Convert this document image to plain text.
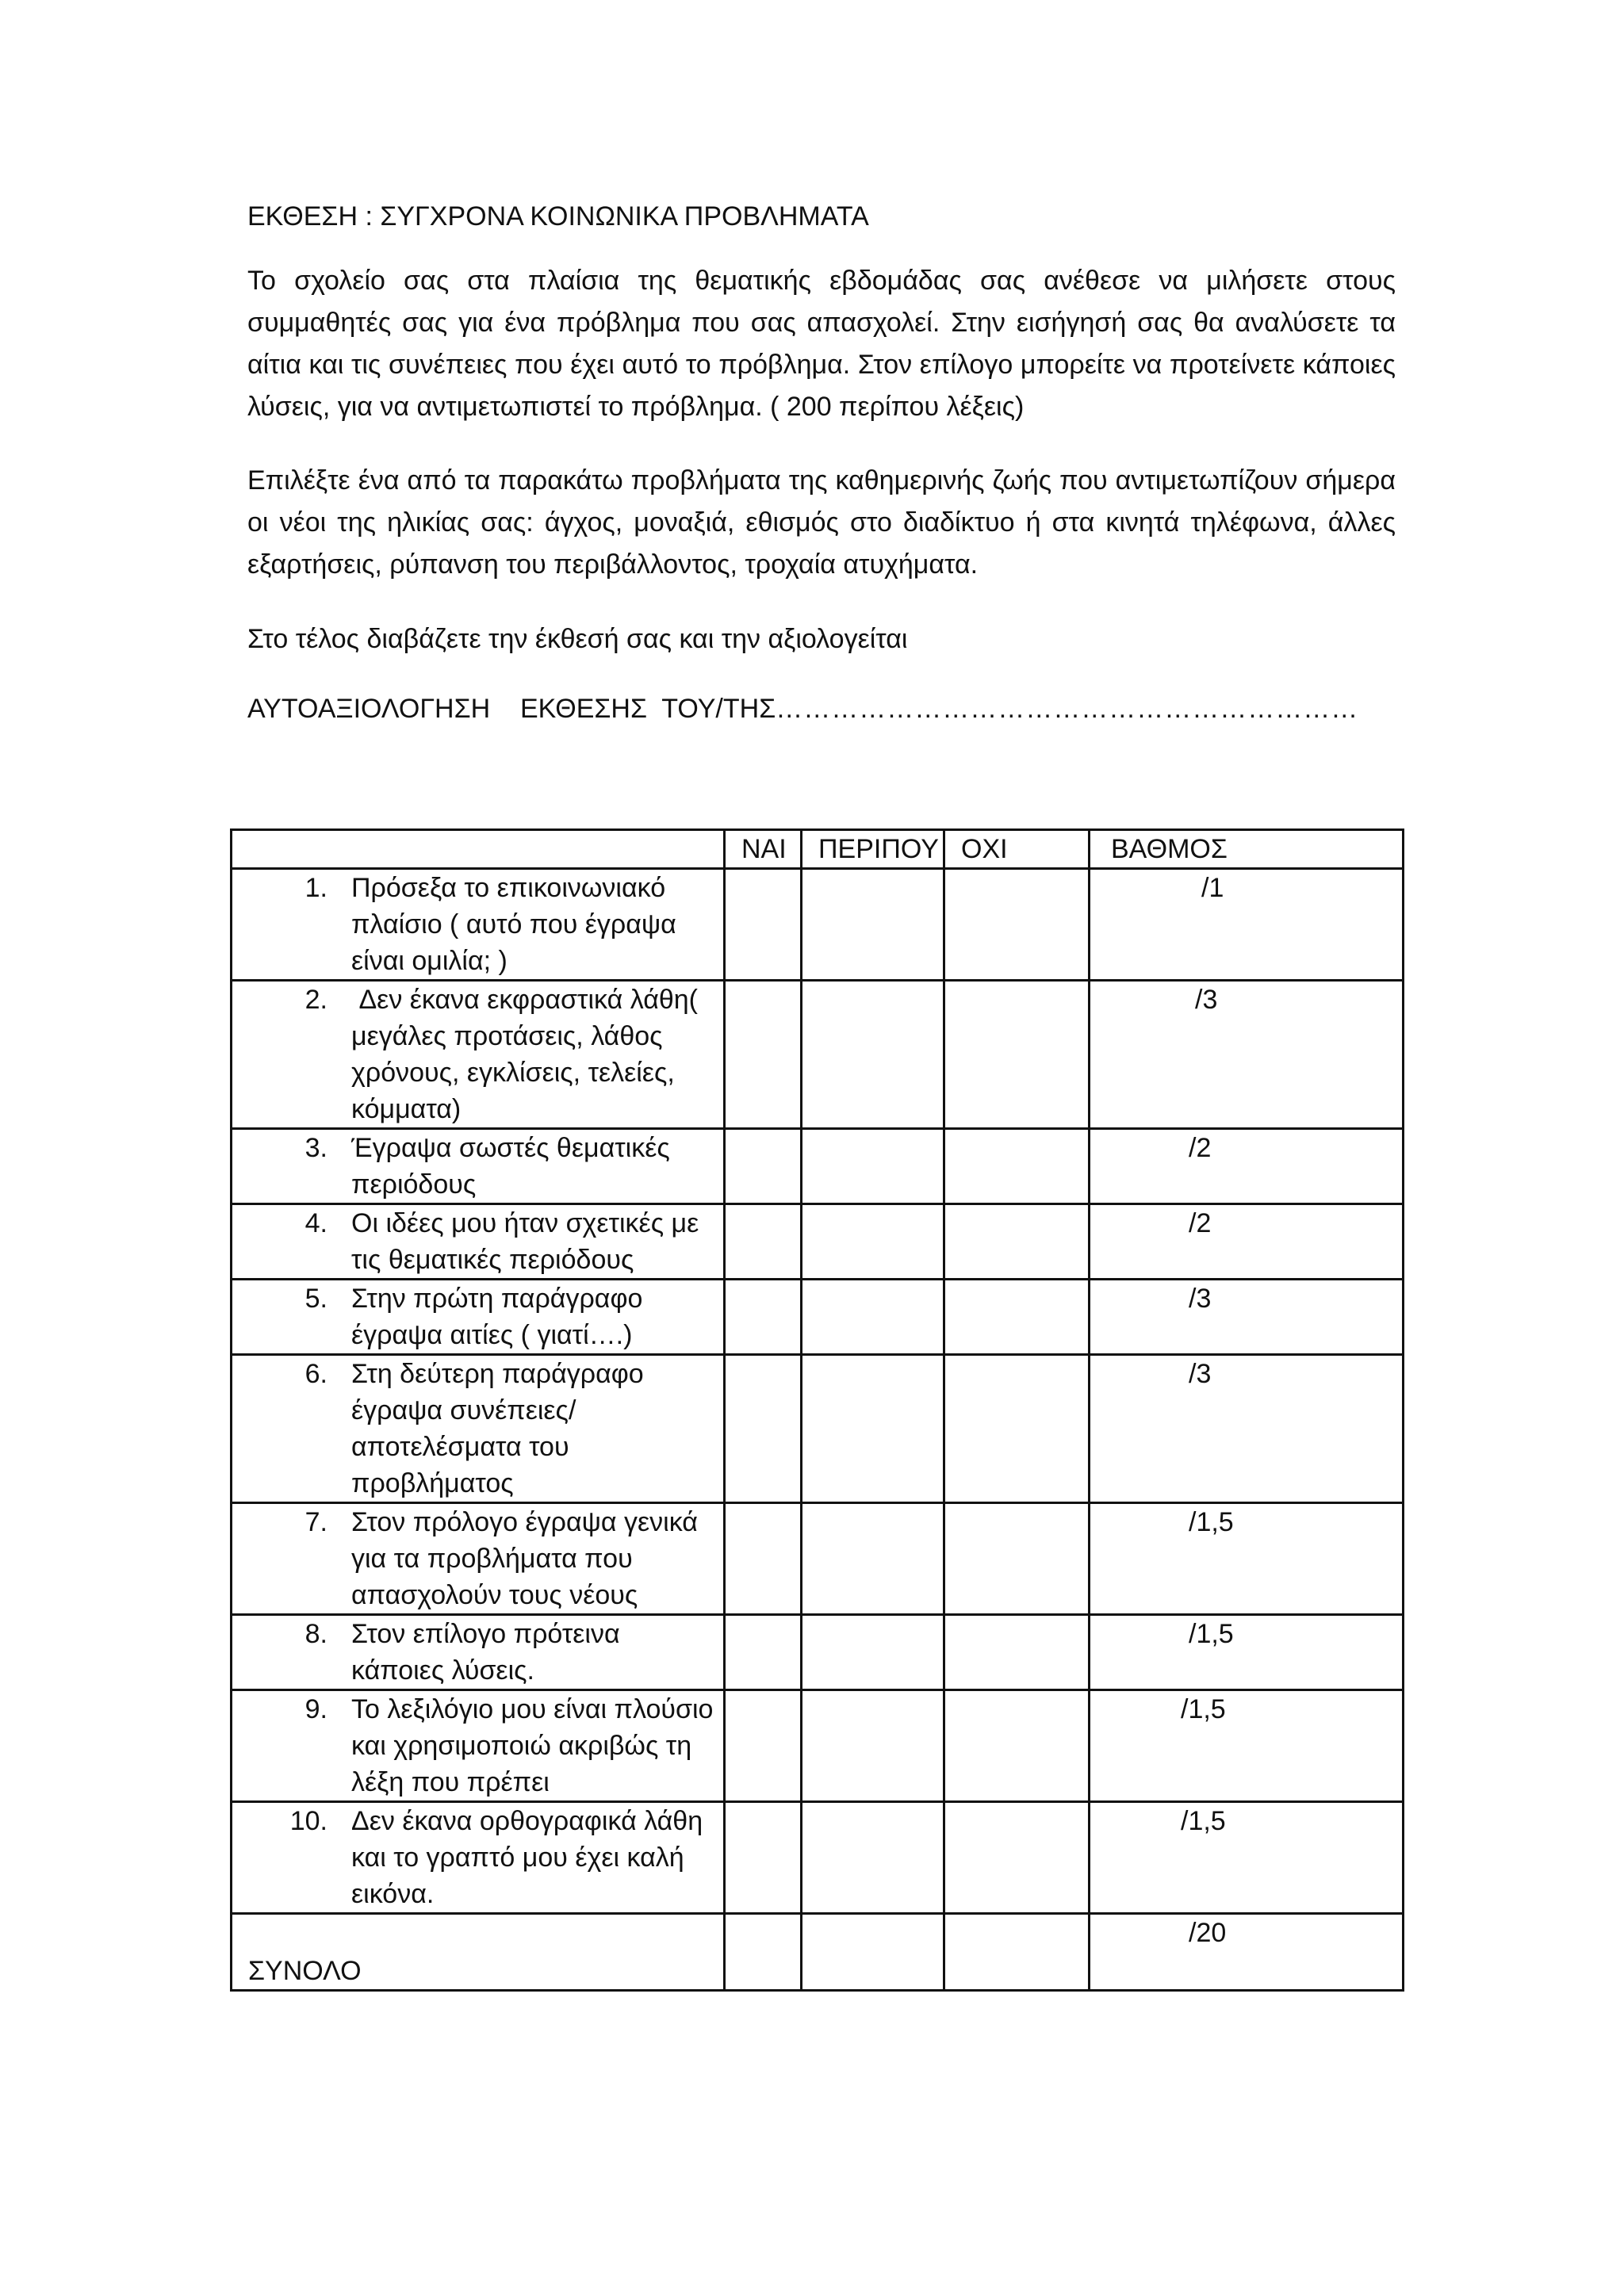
ΕΚΘΕΣΗ : ΣΥΓΧΡΟΝΑ ΚΟΙΝΩΝΙΚΑ ΠΡΟΒΛΗΜΑΤΑ
Το σχολείο σας στα πλαίσια της θεματικής εβδομάδας σας ανέθεσε να μιλήσετε στους συμμαθητές σας για ένα πρόβλημα που σας απασχολεί. Στην εισήγησή σας θα αναλύσετε τα αίτια και τις συνέπειες που έχει αυτό το πρόβλημα. Στον επίλογο μπορείτε να προτείνετε κάποιες λύσεις, για να αντιμετωπιστεί το πρόβλημα. ( 200 περίπου λέξεις)
Επιλέξτε ένα από τα παρακάτω προβλήματα της καθημερινής ζωής που αντιμετωπίζουν σήμερα οι νέοι της ηλικίας σας: άγχος, μοναξιά, εθισμός στο διαδίκτυο ή στα κινητά τηλέφωνα, άλλες εξαρτήσεις, ρύπανση του περιβάλλοντος, τροχαία ατυχήματα.
Στο τέλος διαβάζετε την έκθεσή σας και την αξιολογείται
ΑΥΤΟΑΞΙΟΛΟΓΗΣΗ    ΕΚΘΕΣΗΣ  ΤΟΥ/ΤΗΣ………………………………………………………
	ΝΑΙ	ΠΕΡΙΠΟΥ	ΟΧΙ	ΒΑΘΜΟΣ

1. Πρόσεξα το επικοινωνιακό πλαίσιο ( αυτό που έγραψα είναι ομιλία; )				/1

2. Δεν έκανα εκφραστικά λάθη( μεγάλες προτάσεις, λάθος χρόνους, εγκλίσεις, τελείες, κόμματα)				/3

3. Έγραψα σωστές θεματικές περιόδους				/2

4. Οι ιδέες μου ήταν σχετικές με τις θεματικές περιόδους				/2

5. Στην πρώτη παράγραφο έγραψα αιτίες ( γιατί….)				/3

6. Στη δεύτερη παράγραφο έγραψα συνέπειες/ αποτελέσματα του προβλήματος				/3

7. Στον πρόλογο έγραψα γενικά για τα προβλήματα που απασχολούν τους νέους				/1,5

8. Στον επίλογο πρότεινα κάποιες λύσεις.				/1,5

9. Το λεξιλόγιο μου είναι πλούσιο και χρησιμοποιώ ακριβώς τη λέξη που πρέπει				/1,5

10. Δεν έκανα ορθογραφικά λάθη και το γραπτό μου έχει καλή εικόνα.				/1,5

ΣΥΝΟΛΟ				/20
